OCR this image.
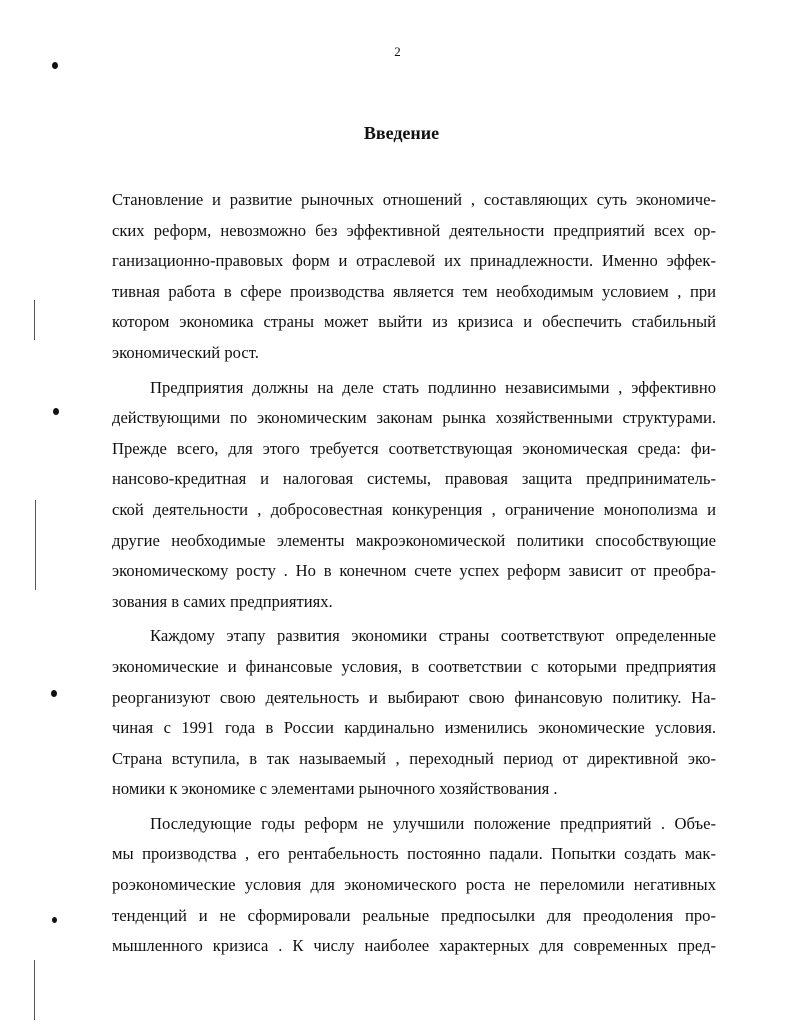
2
Введение
Становление и развитие рыночных отношений , составляющих суть экономиче-
ских реформ, невозможно без эффективной деятельности предприятий всех ор-
ганизационно-правовых форм и отраслевой их принадлежности. Именно эффек-
тивная работа в сфере производства является тем необходимым условием , при
котором экономика страны может выйти из кризиса и обеспечить стабильный
экономический рост.
Предприятия должны на деле стать подлинно независимыми , эффективно
действующими по экономическим законам рынка хозяйственными структурами.
Прежде всего, для этого требуется соответствующая экономическая среда: фи-
нансово-кредитная и налоговая системы, правовая защита предприниматель-
ской деятельности , добросовестная конкуренция , ограничение монополизма и
другие необходимые элементы макроэкономической политики способствующие
экономическому росту . Но в конечном счете успех реформ зависит от преобра-
зования в самих предприятиях.
Каждому этапу развития экономики страны соответствуют определенные
экономические и финансовые условия, в соответствии с которыми предприятия
реорганизуют свою деятельность и выбирают свою финансовую политику. На-
чиная с 1991 года в России кардинально изменились экономические условия.
Страна вступила, в так называемый , переходный период от директивной эко-
номики к экономике с элементами рыночного хозяйствования .
Последующие годы реформ не улучшили положение предприятий . Объе-
мы производства , его рентабельность постоянно падали. Попытки создать мак-
роэкономические условия для экономического роста не переломили негативных
тенденций и не сформировали реальные предпосылки для преодоления про-
мышленного кризиса . К числу наиболее характерных для современных пред-
